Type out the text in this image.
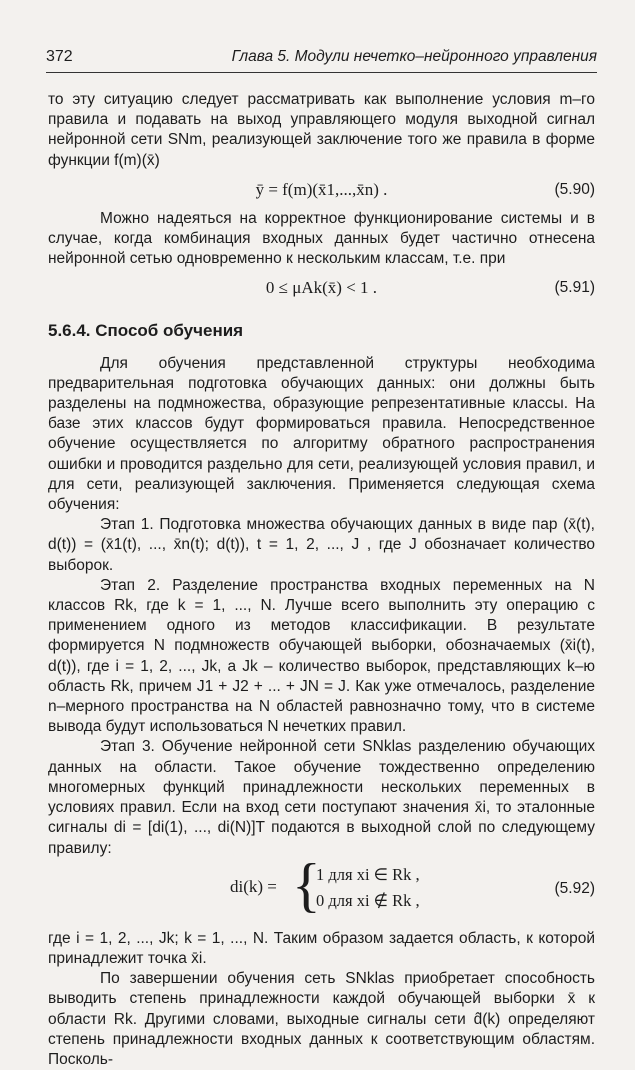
372	Глава 5. Модули нечетко–нейронного управления

то эту ситуацию следует рассматривать как выполнение условия m–го правила и подавать на выход управляющего модуля выходной сигнал нейронной сети SNm, реализующей заключение того же правила в форме функции f(m)(x̄)

ȳ = f(m)(x̄1,...,x̄n) .	(5.90)

Можно надеяться на корректное функционирование системы и в случае, когда комбинация входных данных будет частично отнесена нейронной сетью одновременно к нескольким классам, т.е. при

0 ≤ μAk(x̄) < 1 .	(5.91)
5.6.4. Способ обучения

Для обучения представленной структуры необходима предварительная подготовка обучающих данных: они должны быть разделены на подмножества, образующие репрезентативные классы. На базе этих классов будут формироваться правила. Непосредственное обучение осуществляется по алгоритму обратного распространения ошибки и проводится раздельно для сети, реализующей условия правил, и для сети, реализующей заключения. Применяется следующая схема обучения:

Этап 1. Подготовка множества обучающих данных в виде пар (x̄(t), d(t)) = (x̄1(t), ..., x̄n(t); d(t)), t = 1, 2, ..., J , где J обозначает количество выборок.

Этап 2. Разделение пространства входных переменных на N классов Rk, где k = 1, ..., N. Лучше всего выполнить эту операцию с применением одного из методов классификации. В результате формируется N подмножеств обучающей выборки, обозначаемых (x̄i(t), d(t)), где i = 1, 2, ..., Jk, а Jk – количество выборок, представляющих k–ю область Rk, причем J1 + J2 + ... + JN = J. Как уже отмечалось, разделение n–мерного пространства на N областей равнозначно тому, что в системе вывода будут использоваться N нечетких правил.

Этап 3. Обучение нейронной сети SNklas разделению обучающих данных на области. Такое обучение тождественно определению многомерных функций принадлежности нескольких переменных в условиях правил. Если на вход сети поступают значения x̄i, то эталонные сигналы di = [di(1), ..., di(N)]T подаются в выходной слой по следующему правилу:

di(k) = {
1 для xi ∈ Rk ,
0 для xi ∉ Rk ,
(5.92)

где i = 1, 2, ..., Jk; k = 1, ..., N. Таким образом задается область, к которой принадлежит точка x̄i.

По завершении обучения сеть SNklas приобретает способность выводить степень принадлежности каждой обучающей выборки x̄ к области Rk. Другими словами, выходные сигналы сети d̂(k) определяют степень принадлежности входных данных к соответствующим областям. Посколь-
